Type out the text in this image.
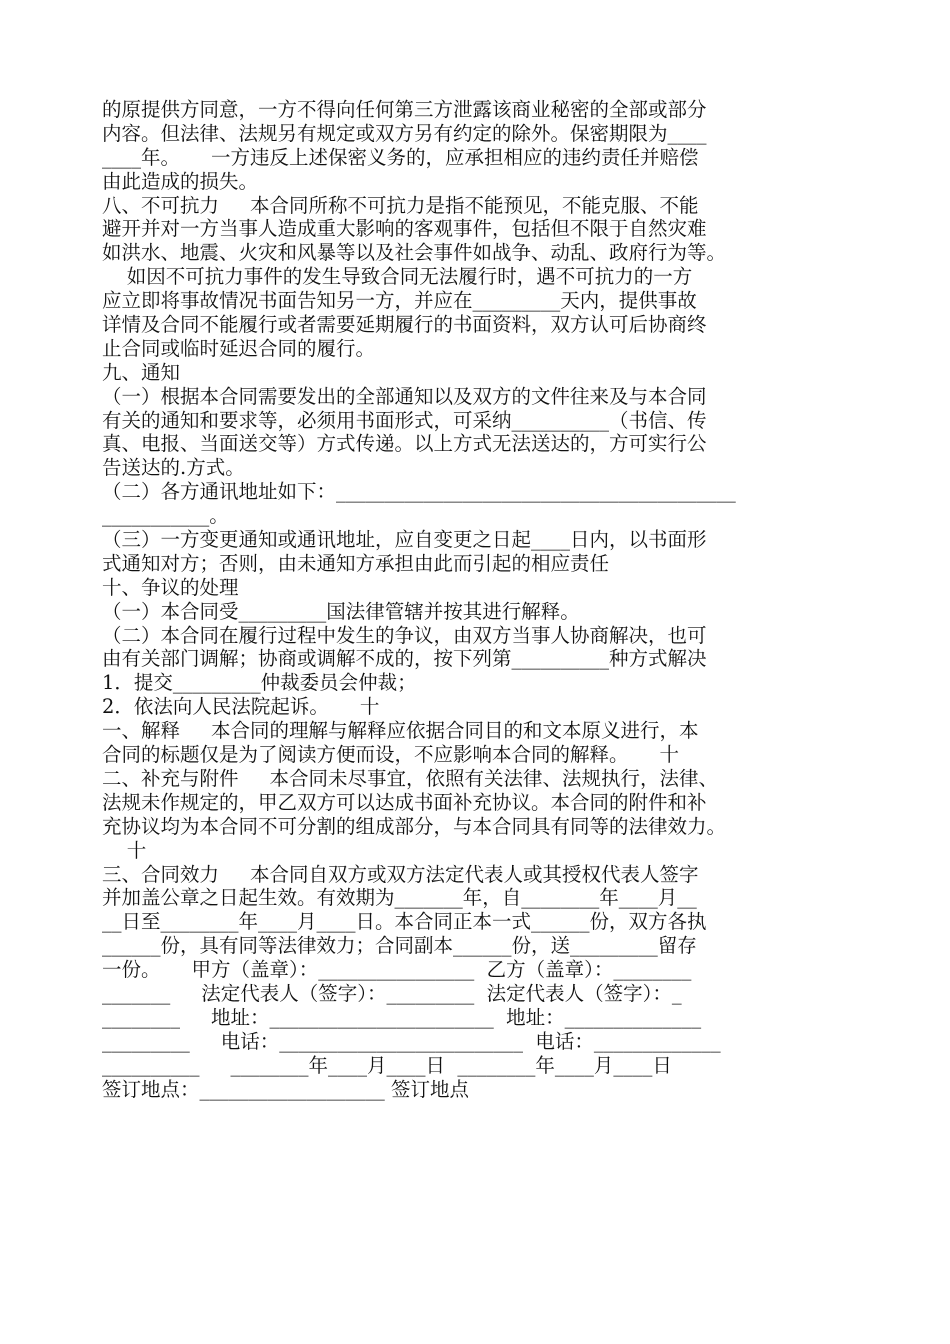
的原提供方同意，一方不得向任何第三方泄露该商业秘密的全部或部分
内容。但法律、法规另有规定或双方另有约定的除外。保密期限为____
____年。     一方违反上述保密义务的，应承担相应的违约责任并赔偿
由此造成的损失。
八、不可抗力     本合同所称不可抗力是指不能预见，不能克服、不能
避开并对一方当事人造成重大影响的客观事件，包括但不限于自然灾难
如洪水、地震、火灾和风暴等以及社会事件如战争、动乱、政府行为等。
如因不可抗力事件的发生导致合同无法履行时，遇不可抗力的一方
应立即将事故情况书面告知另一方，并应在_________天内，提供事故
详情及合同不能履行或者需要延期履行的书面资料，双方认可后协商终
止合同或临时延迟合同的履行。
九、通知
（一）根据本合同需要发出的全部通知以及双方的文件往来及与本合同
有关的通知和要求等，必须用书面形式，可采纳__________（书信、传
真、电报、当面送交等）方式传递。以上方式无法送达的，方可实行公
告送达的.方式。
（二）各方通讯地址如下：_________________________________________
___________。
（三）一方变更通知或通讯地址，应自变更之日起____日内，以书面形
式通知对方；否则，由未通知方承担由此而引起的相应责任
十、争议的处理
（一）本合同受_________国法律管辖并按其进行解释。
（二）本合同在履行过程中发生的争议，由双方当事人协商解决，也可
由有关部门调解；协商或调解不成的，按下列第__________种方式解决
1．提交_________仲裁委员会仲裁；
2．依法向人民法院起诉。     十
一、解释     本合同的理解与解释应依据合同目的和文本原义进行，本
合同的标题仅是为了阅读方便而设，不应影响本合同的解释。     十
二、补充与附件     本合同未尽事宜，依照有关法律、法规执行，法律、
法规未作规定的，甲乙双方可以达成书面补充协议。本合同的附件和补
充协议均为本合同不可分割的组成部分，与本合同具有同等的法律效力。
十
三、合同效力     本合同自双方或双方法定代表人或其授权代表人签字
并加盖公章之日起生效。有效期为_______年，自________年____月__
__日至________年____月____日。本合同正本一式______份，双方各执
______份，具有同等法律效力；合同副本______份，送_________留存
一份。     甲方（盖章）：________________  乙方（盖章）：________
_______     法定代表人（签字）：_________  法定代表人（签字）：_
________     地址：_______________________  地址：______________
_________     电话：_________________________  电话：_____________
__________     ________年____月____日  ________年____月____日
签订地点：___________________ 签订地点
